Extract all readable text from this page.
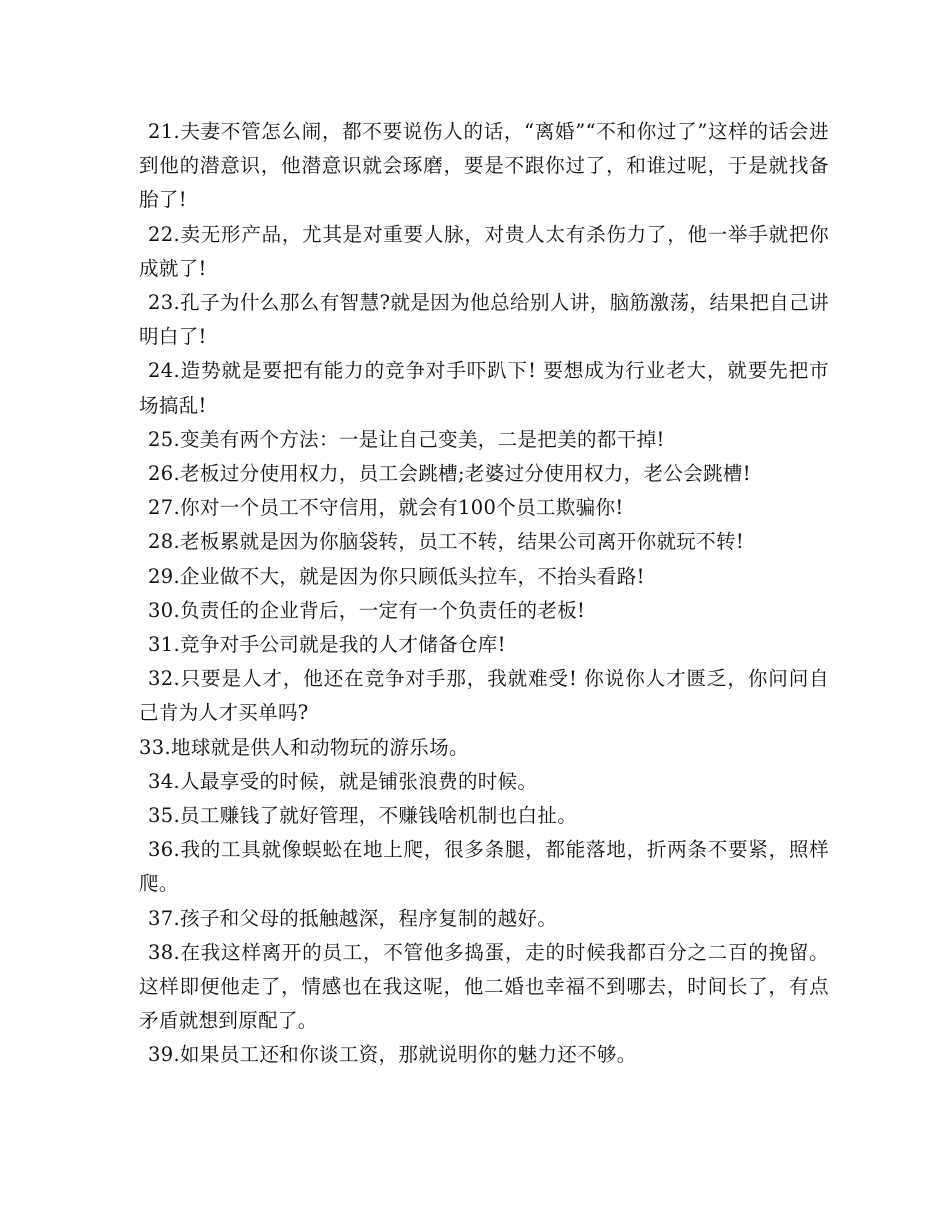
21.夫妻不管怎么闹，都不要说伤人的话，“离婚”“不和你过了”这样的话会进到他的潜意识，他潜意识就会琢磨，要是不跟你过了，和谁过呢，于是就找备胎了!

22.卖无形产品，尤其是对重要人脉，对贵人太有杀伤力了，他一举手就把你成就了!

23.孔子为什么那么有智慧?就是因为他总给别人讲，脑筋激荡，结果把自己讲明白了!

24.造势就是要把有能力的竞争对手吓趴下! 要想成为行业老大，就要先把市场搞乱!

25.变美有两个方法：一是让自己变美，二是把美的都干掉!

26.老板过分使用权力，员工会跳槽;老婆过分使用权力，老公会跳槽!

27.你对一个员工不守信用，就会有100个员工欺骗你!

28.老板累就是因为你脑袋转，员工不转，结果公司离开你就玩不转!

29.企业做不大，就是因为你只顾低头拉车，不抬头看路!

30.负责任的企业背后，一定有一个负责任的老板!

31.竞争对手公司就是我的人才储备仓库!

32.只要是人才，他还在竞争对手那，我就难受! 你说你人才匮乏，你问问自己肯为人才买单吗?

33.地球就是供人和动物玩的游乐场。

34.人最享受的时候，就是铺张浪费的时候。

35.员工赚钱了就好管理，不赚钱啥机制也白扯。

36.我的工具就像蜈蚣在地上爬，很多条腿，都能落地，折两条不要紧，照样爬。

37.孩子和父母的抵触越深，程序复制的越好。

38.在我这样离开的员工，不管他多捣蛋，走的时候我都百分之二百的挽留。这样即便他走了，情感也在我这呢，他二婚也幸福不到哪去，时间长了，有点矛盾就想到原配了。

39.如果员工还和你谈工资，那就说明你的魅力还不够。
